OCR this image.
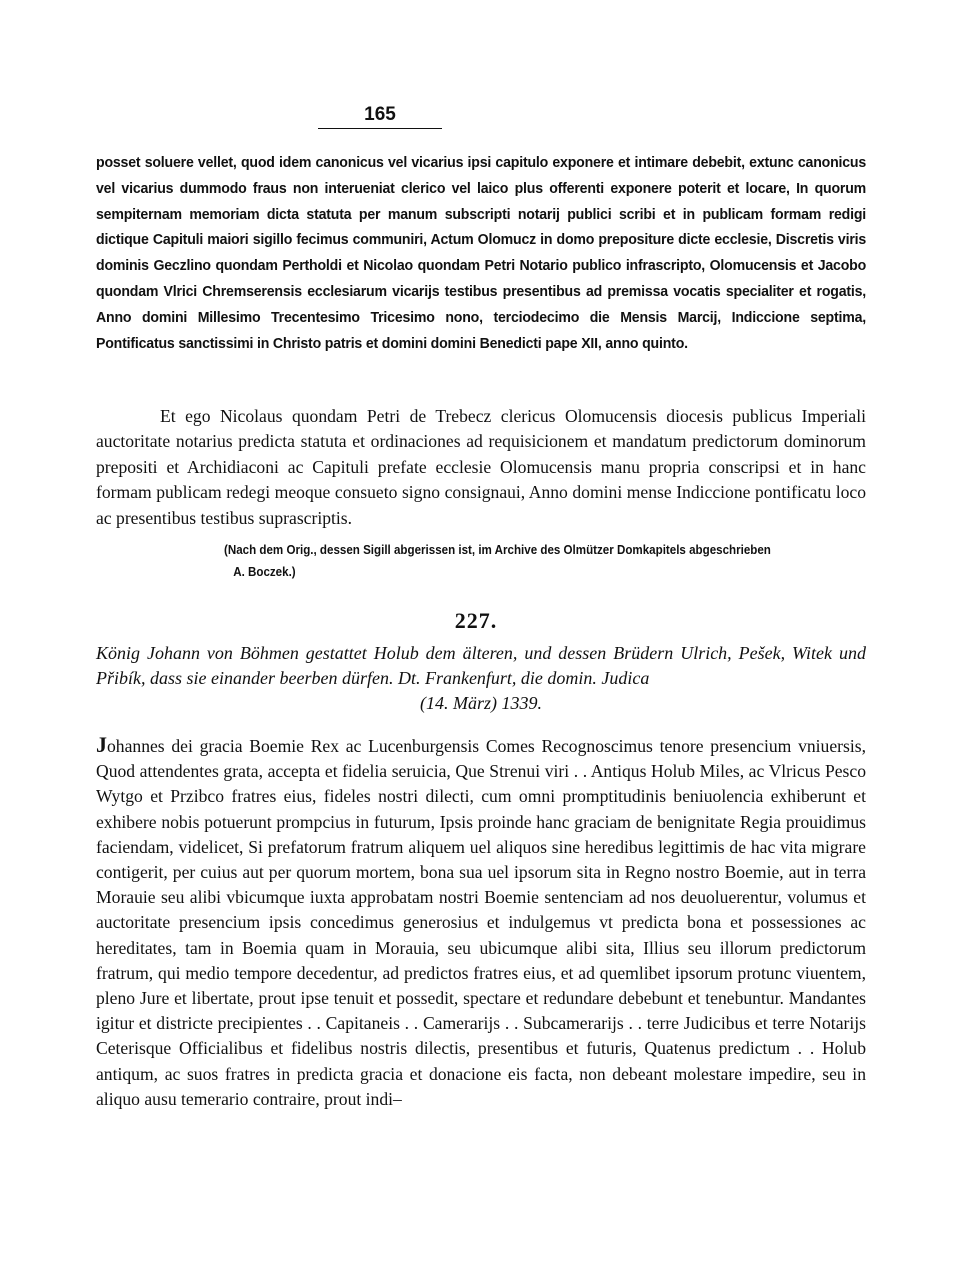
165

posset soluere vellet, quod idem canonicus vel vicarius ipsi capitulo exponere et intimare debebit, extunc canonicus vel vicarius dummodo fraus non interueniat clerico vel laico plus offerenti exponere poterit et locare, In quorum sempiternam memoriam dicta statuta per manum subscripti notarij publici scribi et in publicam formam redigi dictique Capituli maiori sigillo fecimus communiri, Actum Olomucz in domo prepositure dicte ecclesie, Discretis viris dominis Geczlino quondam Pertholdi et Nicolao quondam Petri Notario publico infrascripto, Olomucensis et Jacobo quondam Vlrici Chremserensis ecclesiarum vicarijs testibus presentibus ad premissa vocatis specialiter et rogatis, Anno domini Millesimo Trecentesimo Tricesimo nono, terciodecimo die Mensis Marcij, Indiccione septima, Pontificatus sanctissimi in Christo patris et domini domini Benedicti pape XII, anno quinto.

Et ego Nicolaus quondam Petri de Trebecz clericus Olomucensis diocesis publicus Imperiali auctoritate notarius predicta statuta et ordinaciones ad requisicionem et mandatum predictorum dominorum prepositi et Archidiaconi ac Capituli prefate ecclesie Olomucensis manu propria conscripsi et in hanc formam publicam redegi meoque consueto signo consignaui, Anno domini mense Indiccione pontificatu loco ac presentibus testibus suprascriptis.

(Nach dem Orig., dessen Sigill abgerissen ist, im Archive des Olmützer Domkapitels abgeschrieben
A. Boczek.)
227.
König Johann von Böhmen gestattet Holub dem älteren, und dessen Brüdern Ulrich, Pešek, Witek und Přibík, dass sie einander beerben dürfen. Dt. Frankenfurt, die domin. Judica
(14. März) 1339.

Johannes dei gracia Boemie Rex ac Lucenburgensis Comes Recognoscimus tenore presencium vniuersis, Quod attendentes grata, accepta et fidelia seruicia, Que Strenui viri . . Antiqus Holub Miles, ac Vlricus Pesco Wytgo et Przibco fratres eius, fideles nostri dilecti, cum omni promptitudinis beniuolencia exhiberunt et exhibere nobis potuerunt prompcius in futurum, Ipsis proinde hanc graciam de benignitate Regia prouidimus faciendam, videlicet, Si prefatorum fratrum aliquem uel aliquos sine heredibus legittimis de hac vita migrare contigerit, per cuius aut per quorum mortem, bona sua uel ipsorum sita in Regno nostro Boemie, aut in terra Morauie seu alibi vbicumque iuxta approbatam nostri Boemie sentenciam ad nos deuoluerentur, volumus et auctoritate presencium ipsis concedimus generosius et indulgemus vt predicta bona et possessiones ac hereditates, tam in Boemia quam in Morauia, seu ubicumque alibi sita, Illius seu illorum predictorum fratrum, qui medio tempore decedentur, ad predictos fratres eius, et ad quemlibet ipsorum protunc viuentem, pleno Jure et libertate, prout ipse tenuit et possedit, spectare et redundare debebunt et tenebuntur. Mandantes igitur et districte precipientes . . Capitaneis . . Camerarijs . . Subcamerarijs . . terre Judicibus et terre Notarijs Ceterisque Officialibus et fidelibus nostris dilectis, presentibus et futuris, Quatenus predictum . . Holub antiqum, ac suos fratres in predicta gracia et donacione eis facta, non debeant molestare impedire, seu in aliquo ausu temerario contraire, prout indi–
